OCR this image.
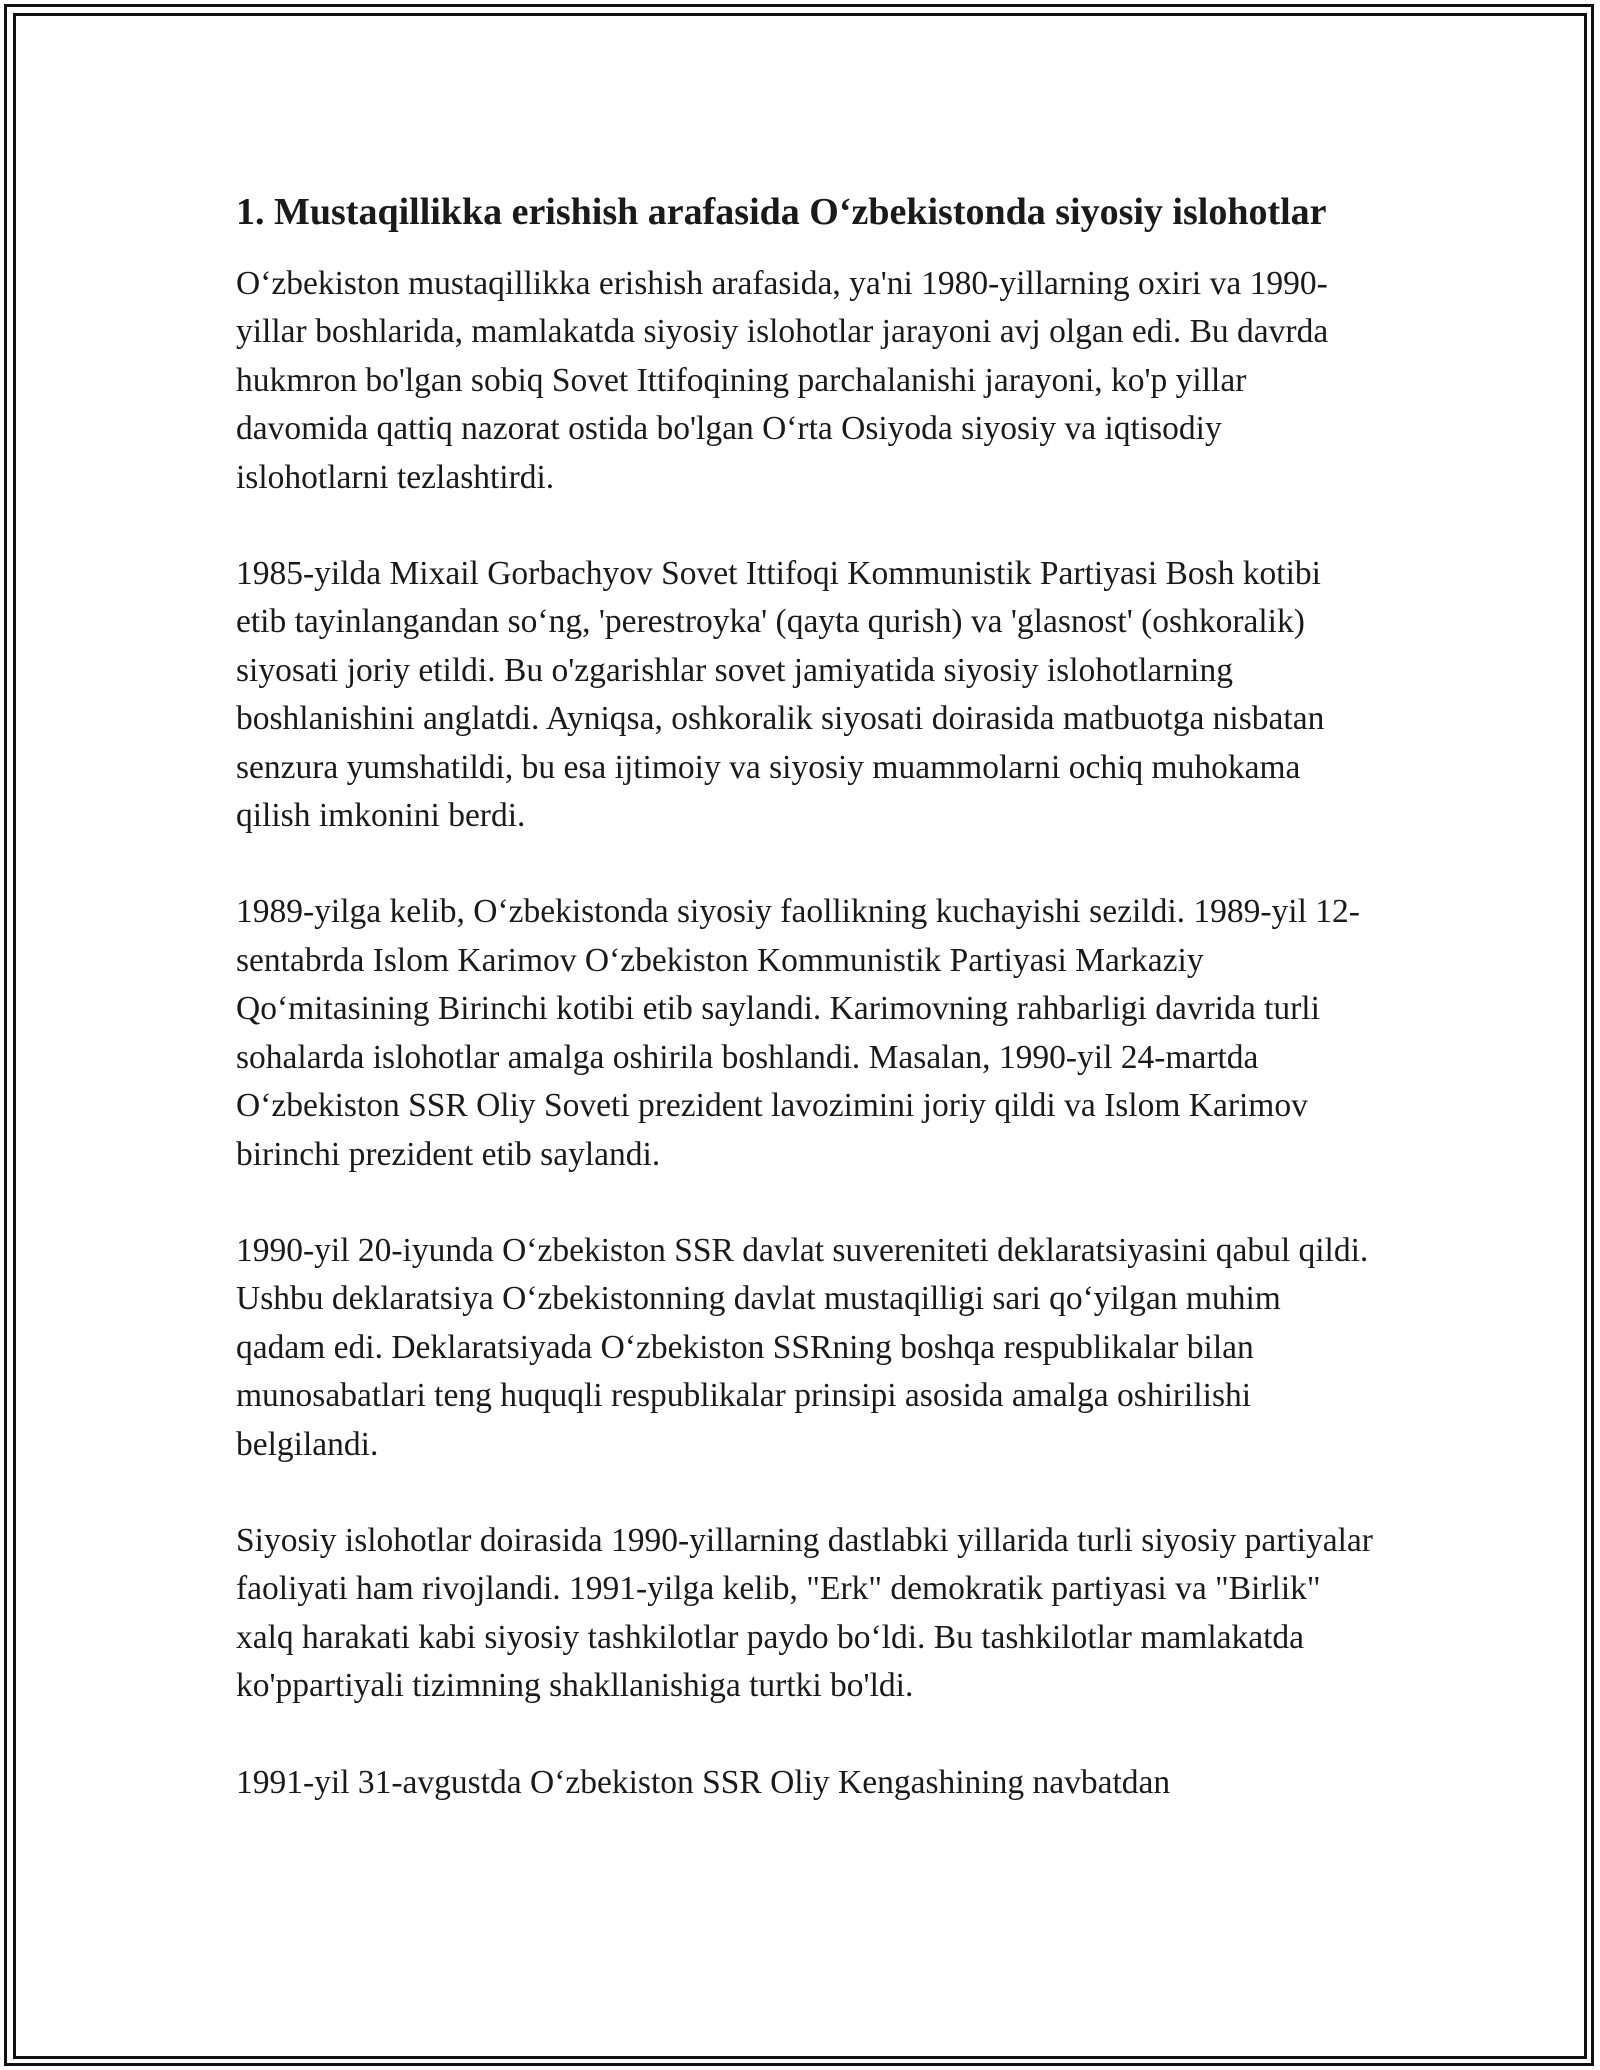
1. Mustaqillikka erishish arafasida O‘zbekistonda siyosiy islohotlar

O‘zbekiston mustaqillikka erishish arafasida, ya'ni 1980-yillarning oxiri va 1990-yillar boshlarida, mamlakatda siyosiy islohotlar jarayoni avj olgan edi. Bu davrda hukmron bo'lgan sobiq Sovet Ittifoqining parchalanishi jarayoni, ko'p yillar davomida qattiq nazorat ostida bo'lgan O‘rta Osiyoda siyosiy va iqtisodiy islohotlarni tezlashtirdi.

1985-yilda Mixail Gorbachyov Sovet Ittifoqi Kommunistik Partiyasi Bosh kotibi etib tayinlangandan so‘ng, 'perestroyka' (qayta qurish) va 'glasnost' (oshkoralik) siyosati joriy etildi. Bu o'zgarishlar sovet jamiyatida siyosiy islohotlarning boshlanishini anglatdi. Ayniqsa, oshkoralik siyosati doirasida matbuotga nisbatan senzura yumshatildi, bu esa ijtimoiy va siyosiy muammolarni ochiq muhokama qilish imkonini berdi.

1989-yilga kelib, O‘zbekistonda siyosiy faollikning kuchayishi sezildi. 1989-yil 12-sentabrda Islom Karimov O‘zbekiston Kommunistik Partiyasi Markaziy Qo‘mitasining Birinchi kotibi etib saylandi. Karimovning rahbarligi davrida turli sohalarda islohotlar amalga oshirila boshlandi. Masalan, 1990-yil 24-martda O‘zbekiston SSR Oliy Soveti prezident lavozimini joriy qildi va Islom Karimov birinchi prezident etib saylandi.

1990-yil 20-iyunda O‘zbekiston SSR davlat suvereniteti deklaratsiyasini qabul qildi. Ushbu deklaratsiya O‘zbekistonning davlat mustaqilligi sari qo‘yilgan muhim qadam edi. Deklaratsiyada O‘zbekiston SSRning boshqa respublikalar bilan munosabatlari teng huquqli respublikalar prinsipi asosida amalga oshirilishi belgilandi.

Siyosiy islohotlar doirasida 1990-yillarning dastlabki yillarida turli siyosiy partiyalar faoliyati ham rivojlandi. 1991-yilga kelib, "Erk" demokratik partiyasi va "Birlik" xalq harakati kabi siyosiy tashkilotlar paydo bo‘ldi. Bu tashkilotlar mamlakatda ko'ppartiyali tizimning shakllanishiga turtki bo'ldi.

1991-yil 31-avgustda O‘zbekiston SSR Oliy Kengashining navbatdan
